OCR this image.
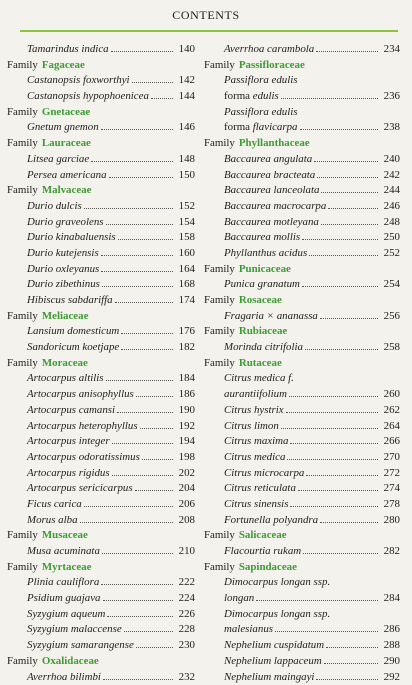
CONTENTS
Tamarindus indica	140
Family Fagaceae
Castanopsis foxworthyi	142
Castanopsis hypophoenicea	144
Family Gnetaceae
Gnetum gnemon	146
Family Lauraceae
Litsea garciae	148
Persea americana	150
Family Malvaceae
Durio dulcis	152
Durio graveolens	154
Durio kinabaluensis	158
Durio kutejensis	160
Durio oxleyanus	164
Durio zibethinus	168
Hibiscus sabdariffa	174
Family Meliaceae
Lansium domesticum	176
Sandoricum koetjape	182
Family Moraceae
Artocarpus altilis	184
Artocarpus anisophyllus	186
Artocarpus camansi	190
Artocarpus heterophyllus	192
Artocarpus integer	194
Artocarpus odoratissimus	198
Artocarpus rigidus	202
Artocarpus sericicarpus	204
Ficus carica	206
Morus alba	208
Family Musaceae
Musa acuminata	210
Family Myrtaceae
Plinia cauliflora	222
Psidium guajava	224
Syzygium aqueum	226
Syzygium malaccense	228
Syzygium samarangense	230
Family Oxalidaceae
Averrhoa bilimbi	232
Averrhoa carambola	234
Family Passifloraceae
Passiflora edulis
forma edulis	236
Passiflora edulis
forma flavicarpa	238
Family Phyllanthaceae
Baccaurea angulata	240
Baccaurea bracteata	242
Baccaurea lanceolata	244
Baccaurea macrocarpa	246
Baccaurea motleyana	248
Baccaurea mollis	250
Phyllanthus acidus	252
Family Punicaceae
Punica granatum	254
Family Rosaceae
Fragaria × ananassa	256
Family Rubiaceae
Morinda citrifolia	258
Family Rutaceae
Citrus medica f.
aurantiifolium	260
Citrus hystrix	262
Citrus limon	264
Citrus maxima	266
Citrus medica	270
Citrus microcarpa	272
Citrus reticulata	274
Citrus sinensis	278
Fortunella polyandra	280
Family Salicaceae
Flacourtia rukam	282
Family Sapindaceae
Dimocarpus longan ssp.
longan	284
Dimocarpus longan ssp.
malesianus	286
Nephelium cuspidatum	288
Nephelium lappaceum	290
Nephelium maingayi	292
